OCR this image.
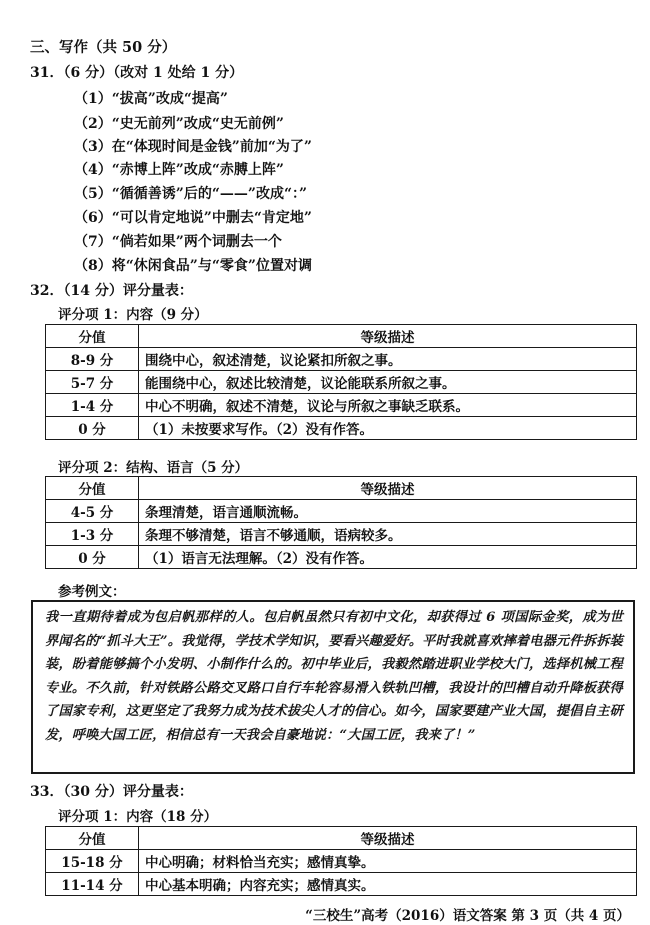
三、写作（共 50 分）
31．（6 分）（改对 1 处给 1 分）
（1）“拔高”改成“提高”
（2）“史无前列”改成“史无前例”
（3）在“体现时间是金钱”前加“为了”
（4）“赤博上阵”改成“赤膊上阵”
（5）“循循善诱”后的“——”改成“：”
（6）“可以肯定地说”中删去“肯定地”
（7）“倘若如果”两个词删去一个
（8）将“休闲食品”与“零食”位置对调
32．（14 分）评分量表：
评分项 1：内容（9 分）
分值	等级描述
8-9 分	围绕中心，叙述清楚，议论紧扣所叙之事。
5-7 分	能围绕中心，叙述比较清楚，议论能联系所叙之事。
1-4 分	中心不明确，叙述不清楚，议论与所叙之事缺乏联系。
0 分	（1）未按要求写作。（2）没有作答。
评分项 2：结构、语言（5 分）
分值	等级描述
4-5 分	条理清楚，语言通顺流畅。
1-3 分	条理不够清楚，语言不够通顺，语病较多。
0 分	（1）语言无法理解。（2）没有作答。
参考例文：
我一直期待着成为包启帆那样的人。包启帆虽然只有初中文化，却获得过 6 项国际金奖，成为世界闻名的“抓斗大王”。我觉得，学技术学知识，要看兴趣爱好。平时我就喜欢摔着电器元件拆拆装装，盼着能够搞个小发明、小制作什么的。初中毕业后，我毅然踏进职业学校大门，选择机械工程专业。不久前，针对铁路公路交叉路口自行车轮容易滑入铁轨凹槽，我设计的凹槽自动升降板获得了国家专利，这更坚定了我努力成为技术拔尖人才的信心。如今，国家要建产业大国，提倡自主研发，呼唤大国工匠，相信总有一天我会自豪地说：“大国工匠，我来了！”
33．（30 分）评分量表：
评分项 1：内容（18 分）
分值	等级描述
15-18 分	中心明确；材料恰当充实；感情真挚。
11-14 分	中心基本明确；内容充实；感情真实。
“三校生”高考（2016）语文答案 第 3 页（共 4 页）
